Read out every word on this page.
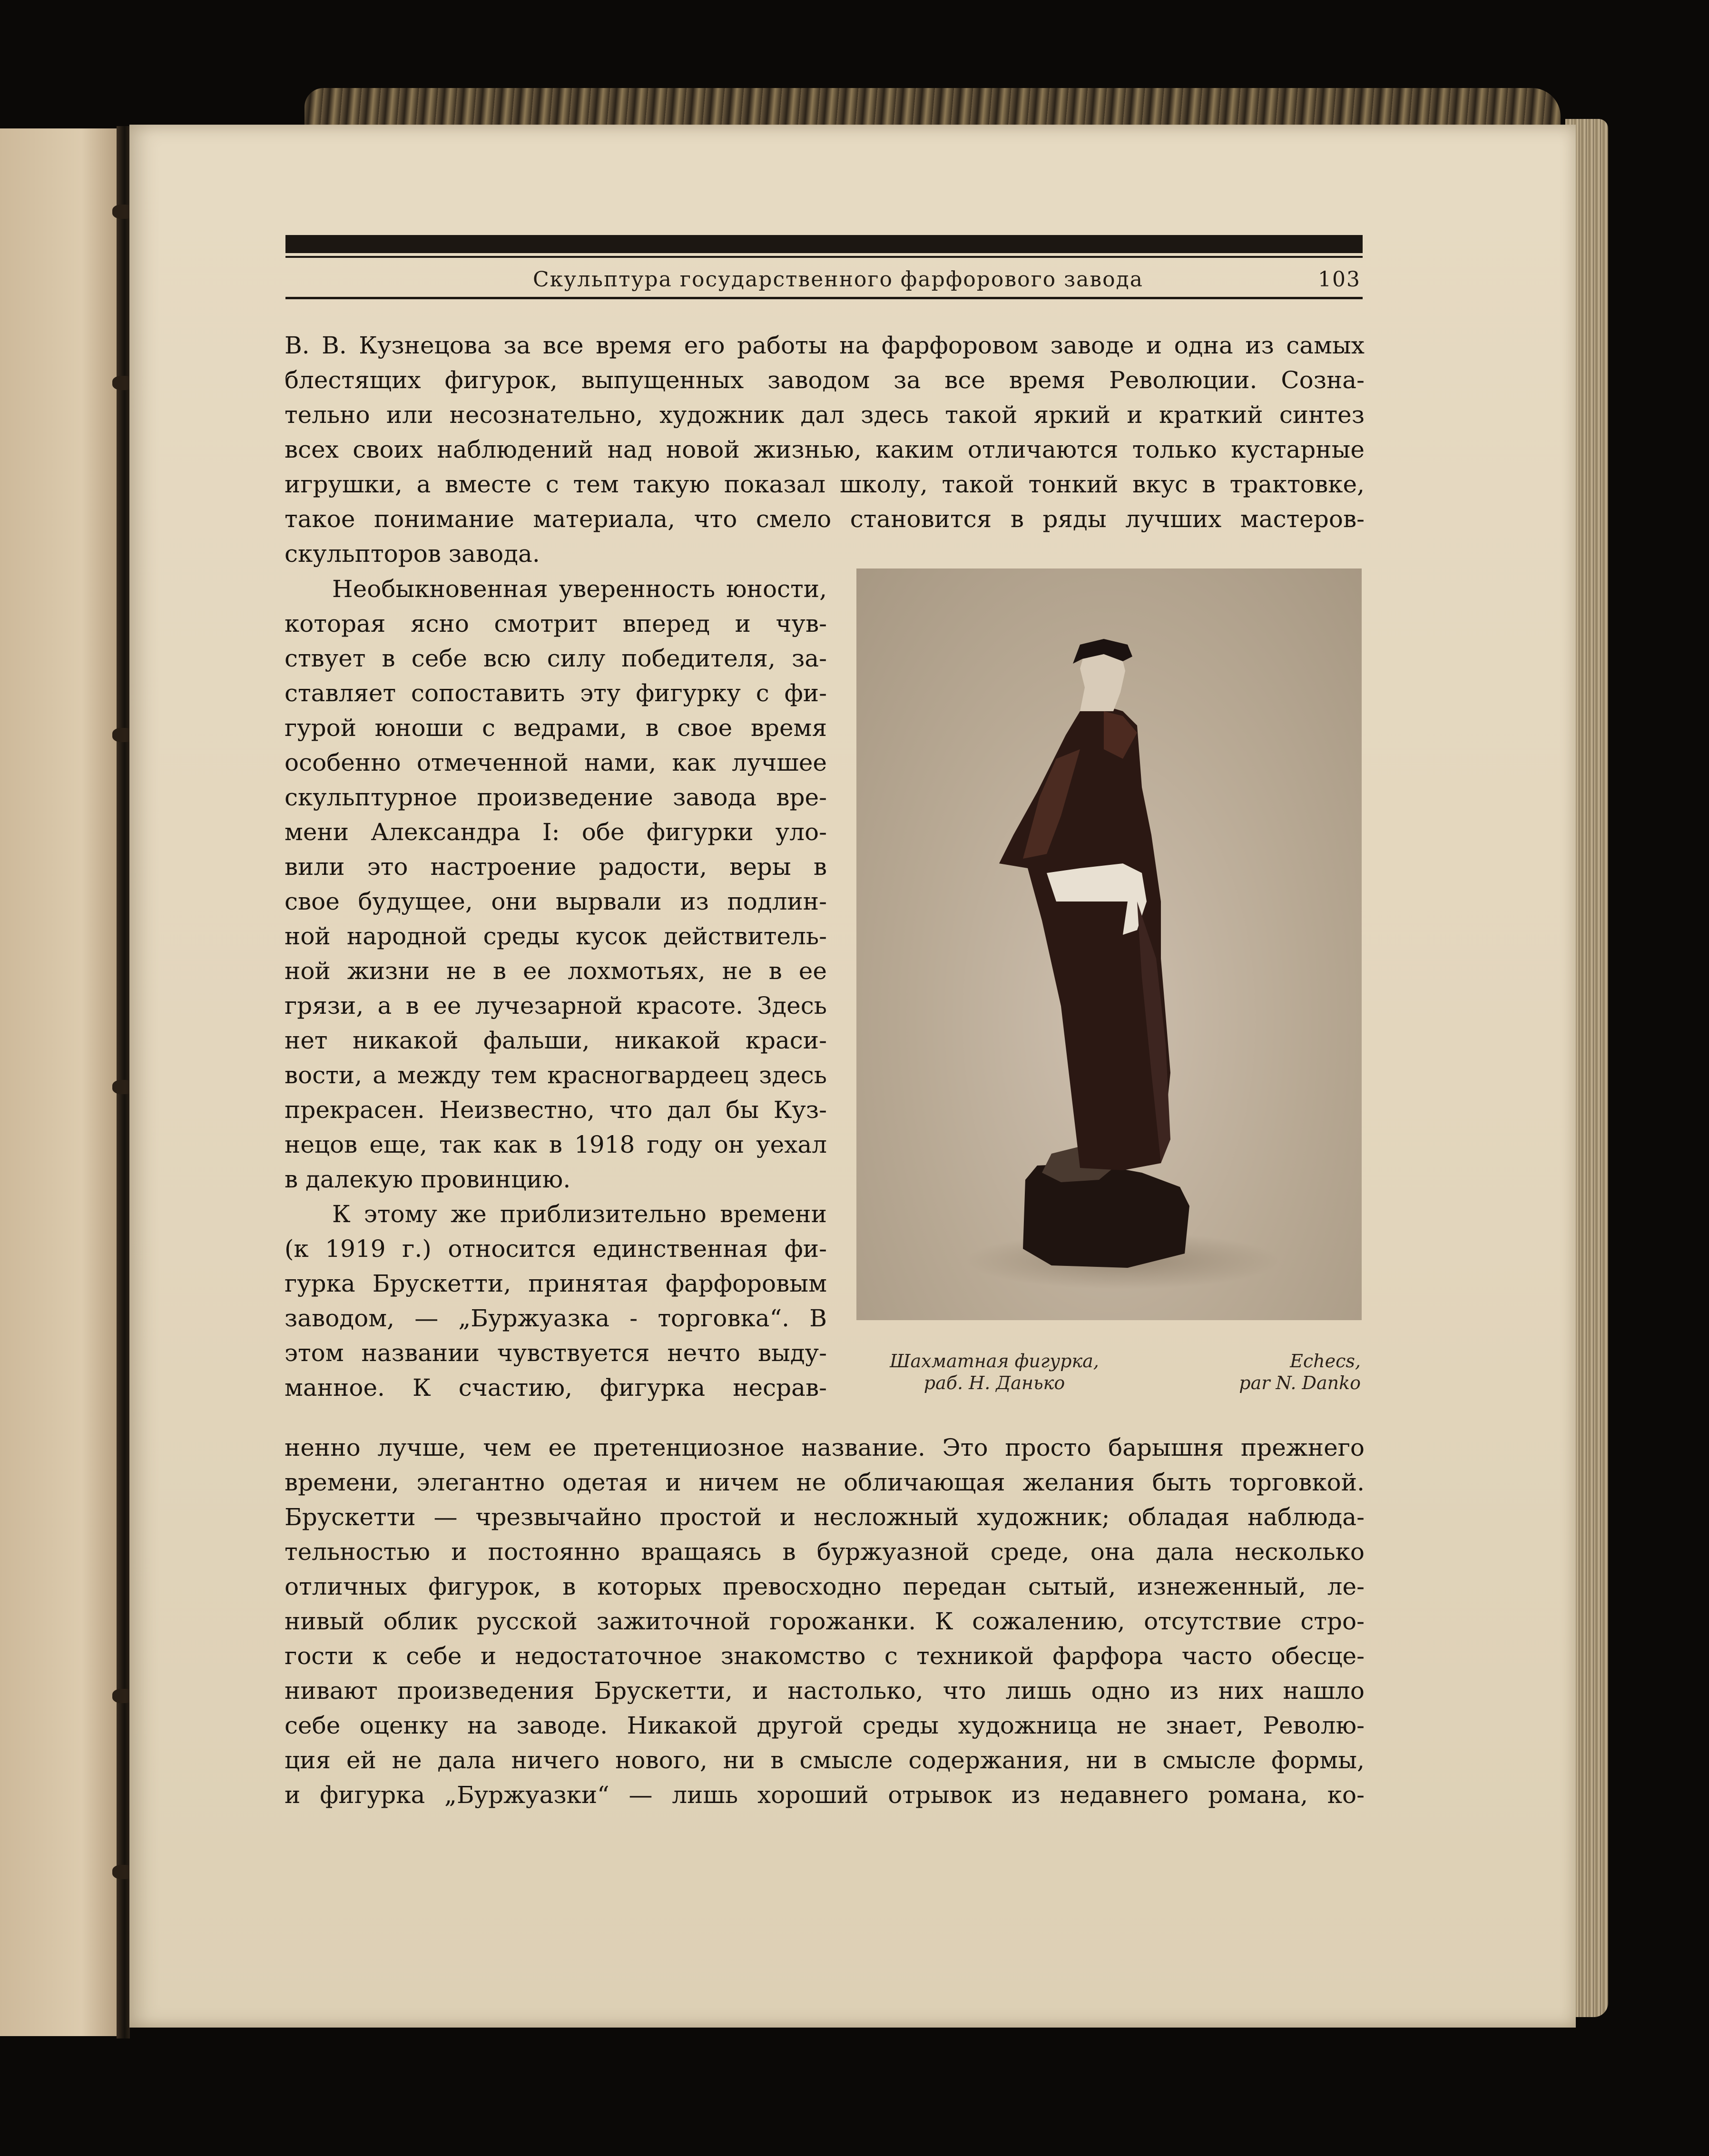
Скульптура государственного фарфорового завода	103
В. В. Кузнецова за все время его работы на фарфоровом заводе и одна из самых
блестящих фигурок, выпущенных заводом за все время Революции. Созна-
тельно или несознательно, художник дал здесь такой яркий и краткий синтез
всех своих наблюдений над новой жизнью, каким отличаются только кустарные
игрушки, а вместе с тем такую показал школу, такой тонкий вкус в трактовке,
такое понимание материала, что смело становится в ряды лучших мастеров-
скульпторов завода.
Необыкновенная уверенность юности,
которая ясно смотрит вперед и чув-
ствует в себе всю силу победителя, за-
ставляет сопоставить эту фигурку с фи-
гурой юноши с ведрами, в свое время
особенно отмеченной нами, как лучшее
скульптурное произведение завода вре-
мени Александра I: обе фигурки уло-
вили это настроение радости, веры в
свое будущее, они вырвали из подлин-
ной народной среды кусок действитель-
ной жизни не в ее лохмотьях, не в ее
грязи, а в ее лучезарной красоте. Здесь
нет никакой фальши, никакой краси-
вости, а между тем красногвардеец здесь
прекрасен. Неизвестно, что дал бы Куз-
нецов еще, так как в 1918 году он уехал
в далекую провинцию.
К этому же приблизительно времени
(к 1919 г.) относится единственная фи-
гурка Брускетти, принятая фарфоровым
заводом, — „Буржуазка - торговка“. В
этом названии чувствуется нечто выду-
манное. К счастию, фигурка несрав-
Шахматная фигурка,
раб. Н. Данько
Echecs,
par N. Danko
ненно лучше, чем ее претенциозное название. Это просто барышня прежнего
времени, элегантно одетая и ничем не обличающая желания быть торговкой.
Брускетти — чрезвычайно простой и несложный художник; обладая наблюда-
тельностью и постоянно вращаясь в буржуазной среде, она дала несколько
отличных фигурок, в которых превосходно передан сытый, изнеженный, ле-
нивый облик русской зажиточной горожанки. К сожалению, отсутствие стро-
гости к себе и недостаточное знакомство с техникой фарфора часто обесце-
нивают произведения Брускетти, и настолько, что лишь одно из них нашло
себе оценку на заводе. Никакой другой среды художница не знает, Револю-
ция ей не дала ничего нового, ни в смысле содержания, ни в смысле формы,
и фигурка „Буржуазки“ — лишь хороший отрывок из недавнего романа, ко-
